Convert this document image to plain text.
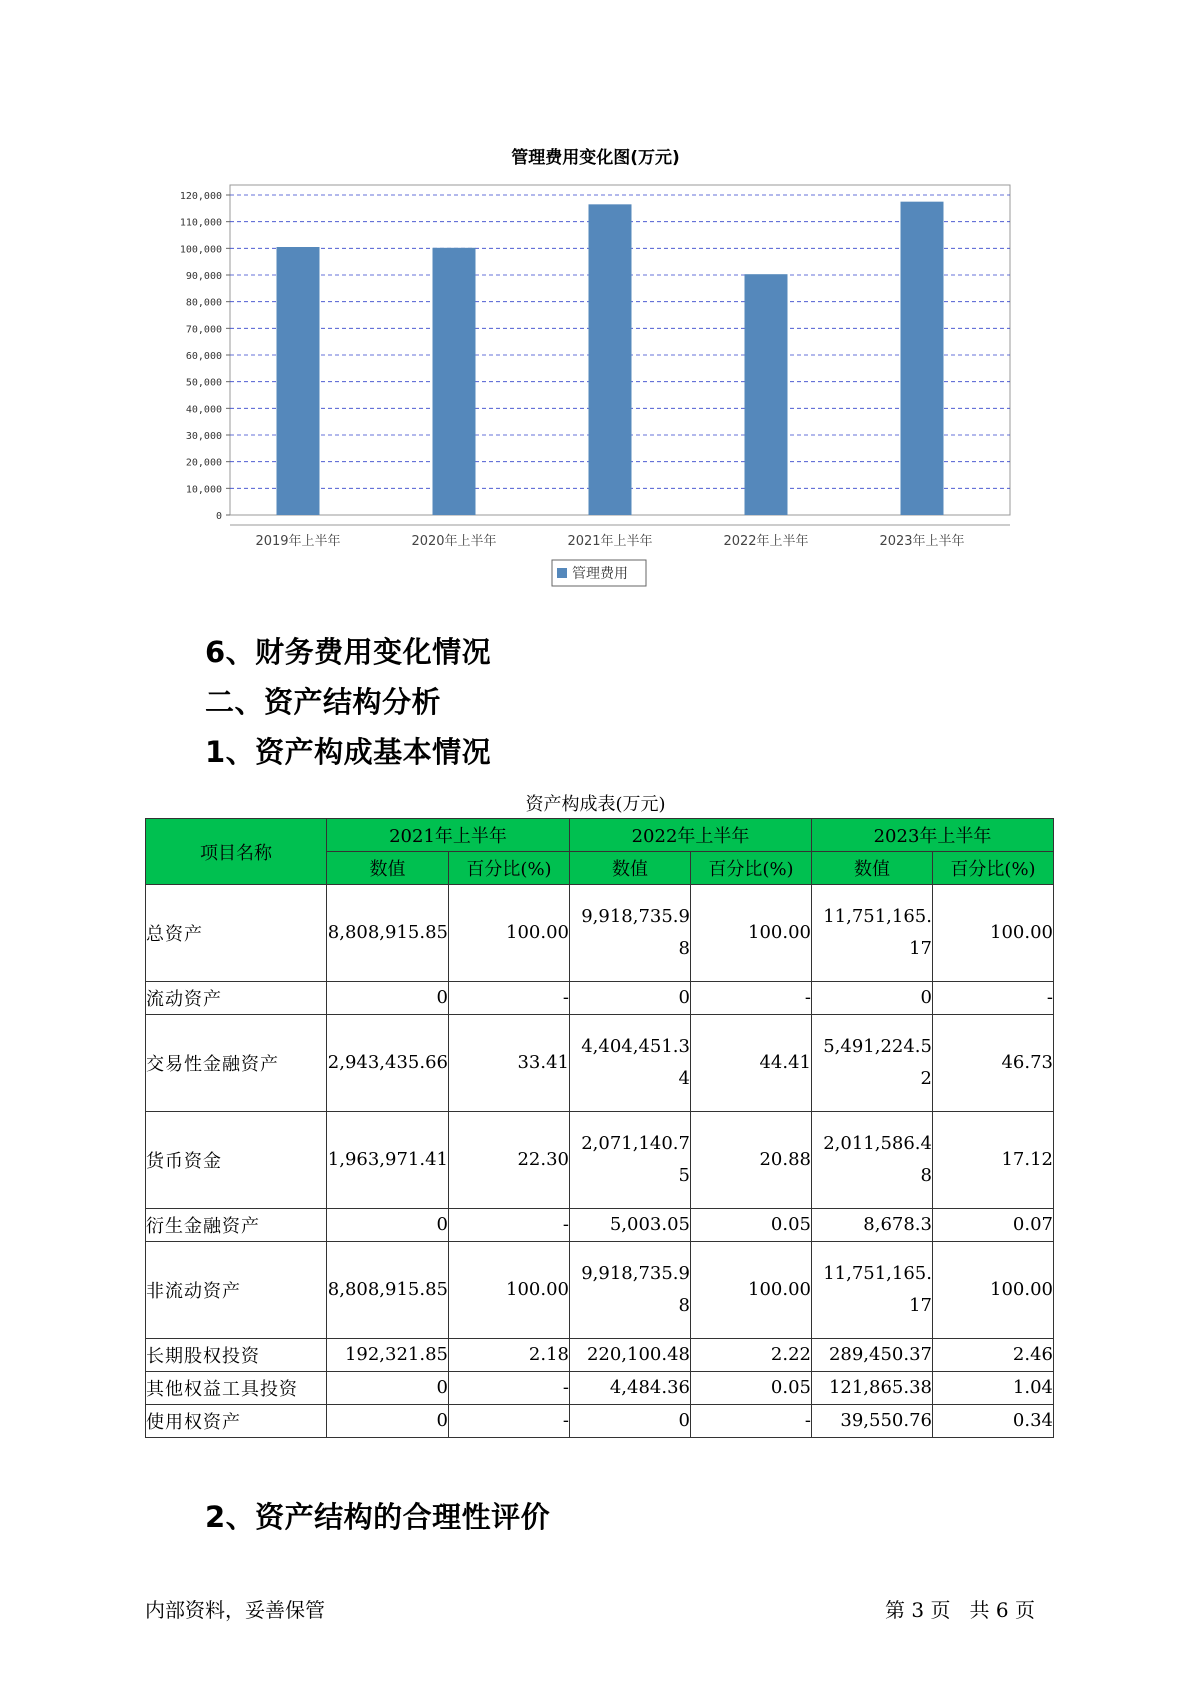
管理费用变化图(万元)
0
10,000
20,000
30,000
40,000
50,000
60,000
70,000
80,000
90,000
100,000
110,000
120,000
2019年上半年	2020年上半年	2021年上半年	2022年上半年	2023年上半年
管理费用
6、财务费用变化情况
二、资产结构分析
1、资产构成基本情况
资产构成表(万元)
项目名称	2021年上半年		2022年上半年		2023年上半年	
	数值	百分比(%)	数值	百分比(%)	数值	百分比(%)
总资产	8,808,915.85	100.00	9,918,735.98	100.00	11,751,165.17	100.00
流动资产	0	-	0	-	0	-
交易性金融资产	2,943,435.66	33.41	4,404,451.34	44.41	5,491,224.52	46.73
货币资金	1,963,971.41	22.30	2,071,140.75	20.88	2,011,586.48	17.12
衍生金融资产	0	-	5,003.05	0.05	8,678.3	0.07
非流动资产	8,808,915.85	100.00	9,918,735.98	100.00	11,751,165.17	100.00
长期股权投资	192,321.85	2.18	220,100.48	2.22	289,450.37	2.46
其他权益工具投资	0	-	4,484.36	0.05	121,865.38	1.04
使用权资产	0	-	0	-	39,550.76	0.34
2、资产结构的合理性评价
内部资料，妥善保管	第 3 页   共 6 页
